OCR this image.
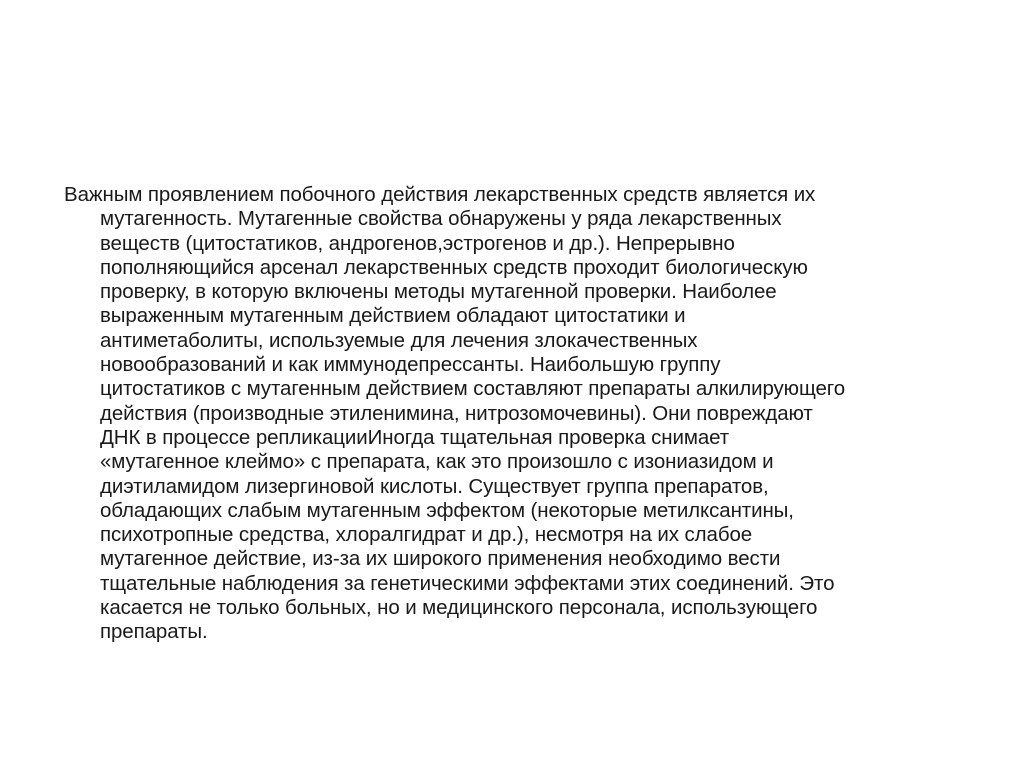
Важным проявлением побочного действия лекарственных средств является их
мутагенность. Мутагенные свойства обнаружены у ряда лекарственных
веществ (цитостатиков, андрогенов,эстрогенов и др.). Непрерывно
пополняющийся арсенал лекарственных средств проходит биологическую
проверку, в которую включены методы мутагенной проверки. Наиболее
выраженным мутагенным действием обладают цитостатики и
антиметаболиты, используемые для лечения злокачественных
новообразований и как иммунодепрессанты. Наибольшую группу
цитостатиков с мутагенным действием составляют препараты алкилирующего
действия (производные этиленимина, нитрозомочевины). Они повреждают
ДНК в процессе репликацииИногда тщательная проверка снимает
«мутагенное клеймо» с препарата, как это произошло с изониазидом и
диэтиламидом лизергиновой кислоты. Существует группа препаратов,
обладающих слабым мутагенным эффектом (некоторые метилксантины,
психотропные средства, хлоралгидрат и др.), несмотря на их слабое
мутагенное действие, из-за их широкого применения необходимо вести
тщательные наблюдения за генетическими эффектами этих соединений. Это
касается не только больных, но и медицинского персонала, использующего
препараты.
